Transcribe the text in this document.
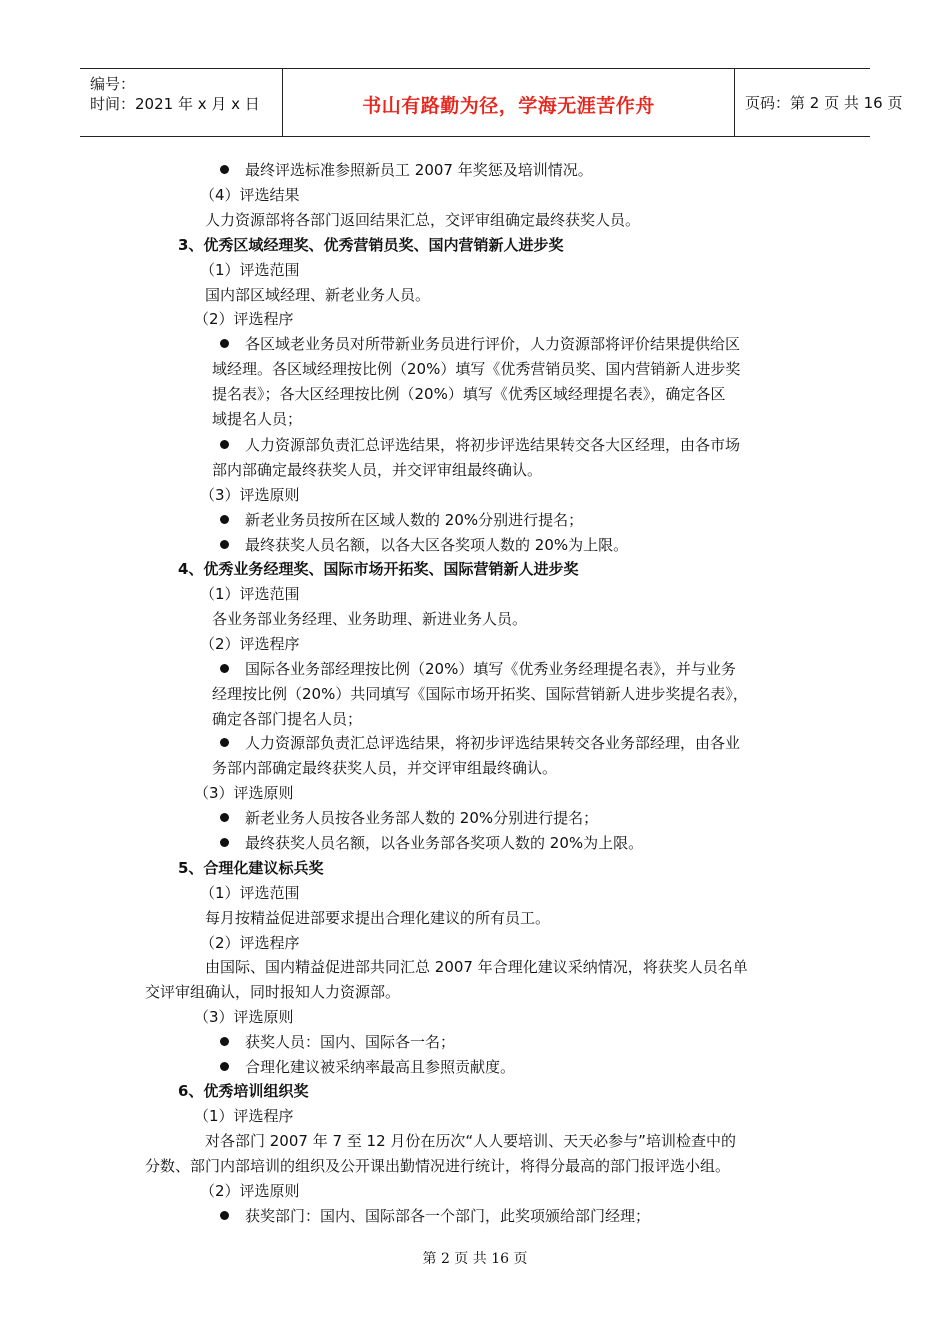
编号：
时间：2021 年 x 月 x 日	书山有路勤为径，学海无涯苦作舟	页码：第 2 页 共 16 页
最终评选标准参照新员工 2007 年奖惩及培训情况。
（4）评选结果
人力资源部将各部门返回结果汇总，交评审组确定最终获奖人员。
3、优秀区域经理奖、优秀营销员奖、国内营销新人进步奖
（1）评选范围
国内部区域经理、新老业务人员。
（2）评选程序
各区域老业务员对所带新业务员进行评价，人力资源部将评价结果提供给区
域经理。各区域经理按比例（20%）填写《优秀营销员奖、国内营销新人进步奖
提名表》；各大区经理按比例（20%）填写《优秀区域经理提名表》，确定各区
域提名人员；
人力资源部负责汇总评选结果，将初步评选结果转交各大区经理，由各市场
部内部确定最终获奖人员，并交评审组最终确认。
（3）评选原则
新老业务员按所在区域人数的 20%分别进行提名；
最终获奖人员名额，以各大区各奖项人数的 20%为上限。
4、优秀业务经理奖、国际市场开拓奖、国际营销新人进步奖
（1）评选范围
各业务部业务经理、业务助理、新进业务人员。
（2）评选程序
国际各业务部经理按比例（20%）填写《优秀业务经理提名表》，并与业务
经理按比例（20%）共同填写《国际市场开拓奖、国际营销新人进步奖提名表》，
确定各部门提名人员；
人力资源部负责汇总评选结果，将初步评选结果转交各业务部经理，由各业
务部内部确定最终获奖人员，并交评审组最终确认。
（3）评选原则
新老业务人员按各业务部人数的 20%分别进行提名；
最终获奖人员名额，以各业务部各奖项人数的 20%为上限。
5、合理化建议标兵奖
（1）评选范围
每月按精益促进部要求提出合理化建议的所有员工。
（2）评选程序
由国际、国内精益促进部共同汇总 2007 年合理化建议采纳情况，将获奖人员名单
交评审组确认，同时报知人力资源部。
（3）评选原则
获奖人员：国内、国际各一名；
合理化建议被采纳率最高且参照贡献度。
6、优秀培训组织奖
（1）评选程序
对各部门 2007 年 7 至 12 月份在历次“人人要培训、天天必参与”培训检查中的
分数、部门内部培训的组织及公开课出勤情况进行统计，将得分最高的部门报评选小组。
（2）评选原则
获奖部门：国内、国际部各一个部门，此奖项颁给部门经理；
第 2 页 共 16 页
